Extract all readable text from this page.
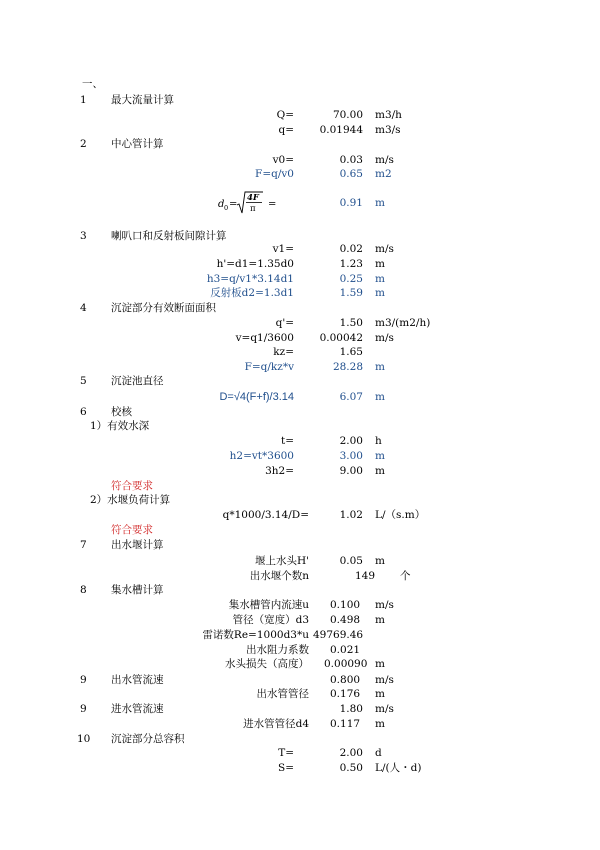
一、
1 最大流量计算
Q=	70.00 m3/h
q= 0.01944 m3/s
2 中心管计算
v0=	0.03 m/s
F=q/v0	0.65 m2
d 0 =
4F
π =	0.91 m
3 喇叭口和反射板间隙计算
v1=	0.02 m/s
h'=d1=1.35d0	1.23 m
h3=q/v1*3.14d1	0.25 m
反射板d2=1.3d1	1.59 m
4 沉淀部分有效断面面积
q'=	1.50 m3/(m2/h)
v=q1/3600 0.00042 m/s
kz=	1.65
F=q/kz*v	28.28 m
5 沉淀池直径
D=√4(F+f)/3.14	6.07 m
6 校核
1）有效水深
t=	2.00 h
h2=vt*3600	3.00 m
3h2=	9.00 m
符合要求
2）水堰负荷计算
q*1000/3.14/D=	1.02 L/（s.m）
符合要求
7 出水堰计算
堰上水头H'	0.05 m
出水堰个数n	149 个
8 集水槽计算
集水槽管内流速u 0.100 m/s
管径（宽度）d3 0.498 m
雷诺数Re=1000d3*u 49769.46
出水阻力系数 0.021
水头损失（高度） 0.00090 m
9 出水管流速	0.800 m/s
出水管管径 0.176 m
9 进水管流速	1.80 m/s
进水管管径d4 0.117 m
10 沉淀部分总容积
T=	2.00 d
S=	0.50 L/(人・d)
